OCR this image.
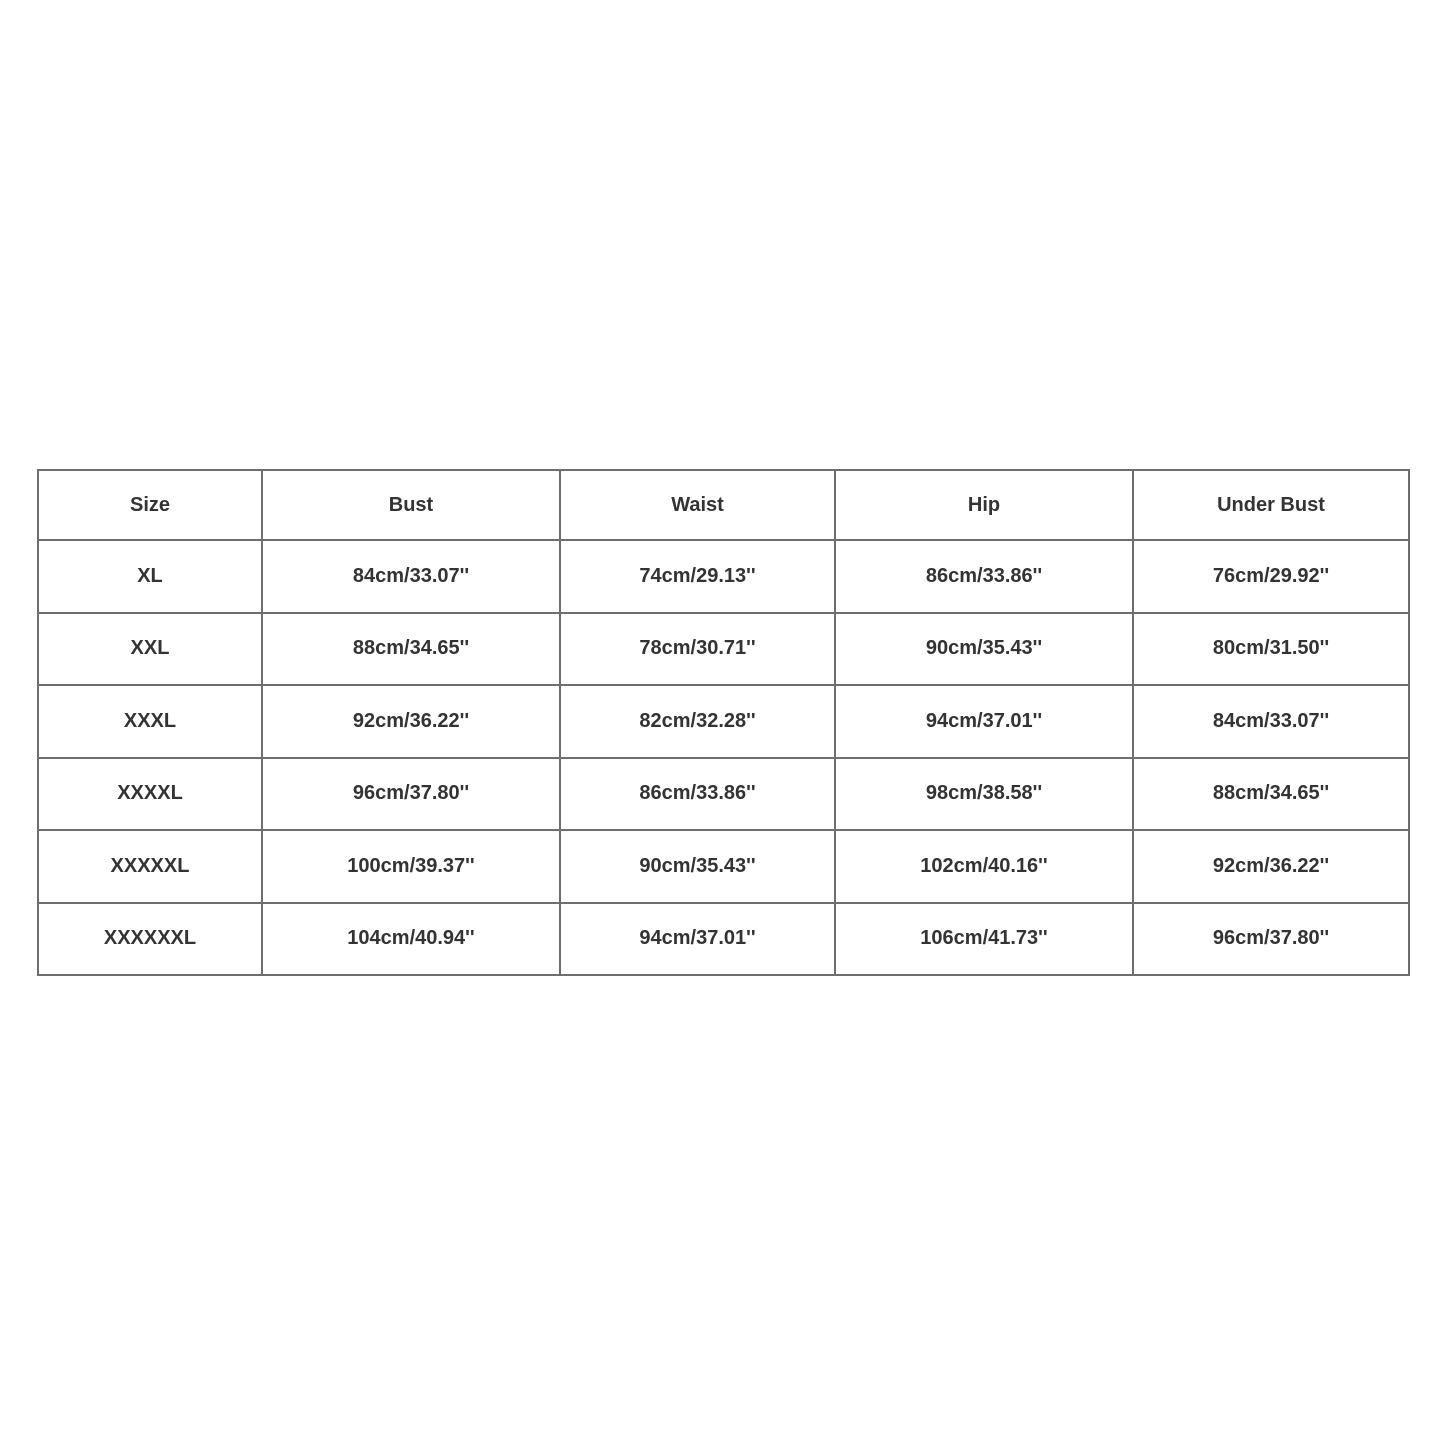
Size	Bust	Waist	Hip	Under Bust
XL	84cm/33.07''	74cm/29.13''	86cm/33.86''	76cm/29.92''
XXL	88cm/34.65''	78cm/30.71''	90cm/35.43''	80cm/31.50''
XXXL	92cm/36.22''	82cm/32.28''	94cm/37.01''	84cm/33.07''
XXXXL	96cm/37.80''	86cm/33.86''	98cm/38.58''	88cm/34.65''
XXXXXL	100cm/39.37''	90cm/35.43''	102cm/40.16''	92cm/36.22''
XXXXXXL	104cm/40.94''	94cm/37.01''	106cm/41.73''	96cm/37.80''
